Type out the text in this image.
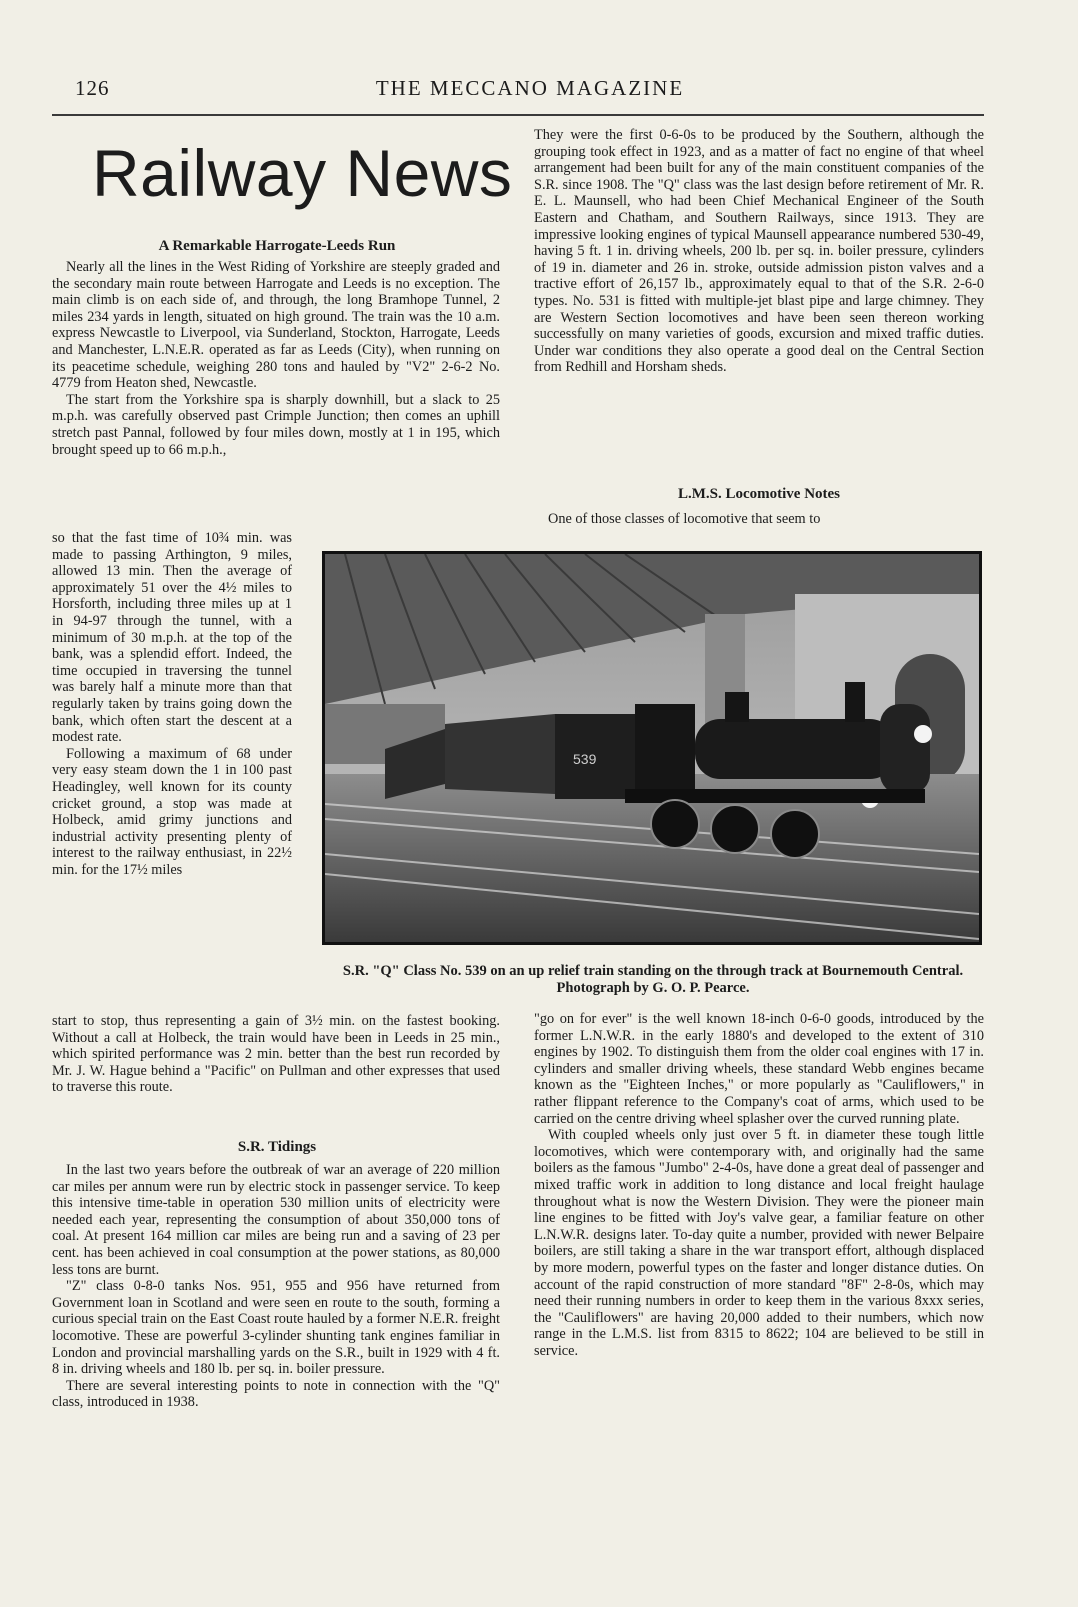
126	THE MECCANO MAGAZINE
Railway News
A Remarkable Harrogate-Leeds Run

Nearly all the lines in the West Riding of Yorkshire are steeply graded and the secondary main route between Harrogate and Leeds is no exception. The main climb is on each side of, and through, the long Bramhope Tunnel, 2 miles 234 yards in length, situated on high ground. The train was the 10 a.m. express Newcastle to Liverpool, via Sunderland, Stockton, Harrogate, Leeds and Manchester, L.N.E.R. operated as far as Leeds (City), when running on its peacetime schedule, weighing 280 tons and hauled by "V2" 2-6-2 No. 4779 from Heaton shed, Newcastle.

The start from the Yorkshire spa is sharply downhill, but a slack to 25 m.p.h. was carefully observed past Crimple Junction; then comes an uphill stretch past Pannal, followed by four miles down, mostly at 1 in 195, which brought speed up to 66 m.p.h.,

so that the fast time of 10¾ min. was made to passing Arthington, 9 miles, allowed 13 min. Then the average of approximately 51 over the 4½ miles to Horsforth, including three miles up at 1 in 94-97 through the tunnel, with a minimum of 30 m.p.h. at the top of the bank, was a splendid effort. Indeed, the time occupied in traversing the tunnel was barely half a minute more than that regularly taken by trains going down the bank, which often start the descent at a modest rate.

Following a maximum of 68 under very easy steam down the 1 in 100 past Headingley, well known for its county cricket ground, a stop was made at Holbeck, amid grimy junctions and industrial activity presenting plenty of interest to the railway enthusiast, in 22½ min. for the 17½ miles

start to stop, thus representing a gain of 3½ min. on the fastest booking. Without a call at Holbeck, the train would have been in Leeds in 25 min., which spirited performance was 2 min. better than the best run recorded by Mr. J. W. Hague behind a "Pacific" on Pullman and other expresses that used to traverse this route.

S.R. Tidings

In the last two years before the outbreak of war an average of 220 million car miles per annum were run by electric stock in passenger service. To keep this intensive time-table in operation 530 million units of electricity were needed each year, representing the consumption of about 350,000 tons of coal. At present 164 million car miles are being run and a saving of 23 per cent. has been achieved in coal consumption at the power stations, as 80,000 less tons are burnt.

"Z" class 0-8-0 tanks Nos. 951, 955 and 956 have returned from Government loan in Scotland and were seen en route to the south, forming a curious special train on the East Coast route hauled by a former N.E.R. freight locomotive. These are powerful 3-cylinder shunting tank engines familiar in London and provincial marshalling yards on the S.R., built in 1929 with 4 ft. 8 in. driving wheels and 180 lb. per sq. in. boiler pressure.

There are several interesting points to note in connection with the "Q" class, introduced in 1938.

They were the first 0-6-0s to be produced by the Southern, although the grouping took effect in 1923, and as a matter of fact no engine of that wheel arrangement had been built for any of the main constituent companies of the S.R. since 1908. The "Q" class was the last design before retirement of Mr. R. E. L. Maunsell, who had been Chief Mechanical Engineer of the South Eastern and Chatham, and Southern Railways, since 1913. They are impressive looking engines of typical Maunsell appearance numbered 530-49, having 5 ft. 1 in. driving wheels, 200 lb. per sq. in. boiler pressure, cylinders of 19 in. diameter and 26 in. stroke, outside admission piston valves and a tractive effort of 26,157 lb., approximately equal to that of the S.R. 2-6-0 types. No. 531 is fitted with multiple-jet blast pipe and large chimney. They are Western Section locomotives and have been seen thereon working successfully on many varieties of goods, excursion and mixed traffic duties. Under war conditions they also operate a good deal on the Central Section from Redhill and Horsham sheds.

L.M.S. Locomotive Notes

One of those classes of locomotive that seem to

539

S.R. "Q" Class No. 539 on an up relief train standing on the through track at Bournemouth Central. Photograph by G. O. P. Pearce.

"go on for ever" is the well known 18-inch 0-6-0 goods, introduced by the former L.N.W.R. in the early 1880's and developed to the extent of 310 engines by 1902. To distinguish them from the older coal engines with 17 in. cylinders and smaller driving wheels, these standard Webb engines became known as the "Eighteen Inches," or more popularly as "Cauliflowers," in rather flippant reference to the Company's coat of arms, which used to be carried on the centre driving wheel splasher over the curved running plate.

With coupled wheels only just over 5 ft. in diameter these tough little locomotives, which were contemporary with, and originally had the same boilers as the famous "Jumbo" 2-4-0s, have done a great deal of passenger and mixed traffic work in addition to long distance and local freight haulage throughout what is now the Western Division. They were the pioneer main line engines to be fitted with Joy's valve gear, a familiar feature on other L.N.W.R. designs later. To-day quite a number, provided with newer Belpaire boilers, are still taking a share in the war transport effort, although displaced by more modern, powerful types on the faster and longer distance duties. On account of the rapid construction of more standard "8F" 2-8-0s, which may need their running numbers in order to keep them in the various 8xxx series, the "Cauliflowers" are having 20,000 added to their numbers, which now range in the L.M.S. list from 8315 to 8622; 104 are believed to be still in service.
